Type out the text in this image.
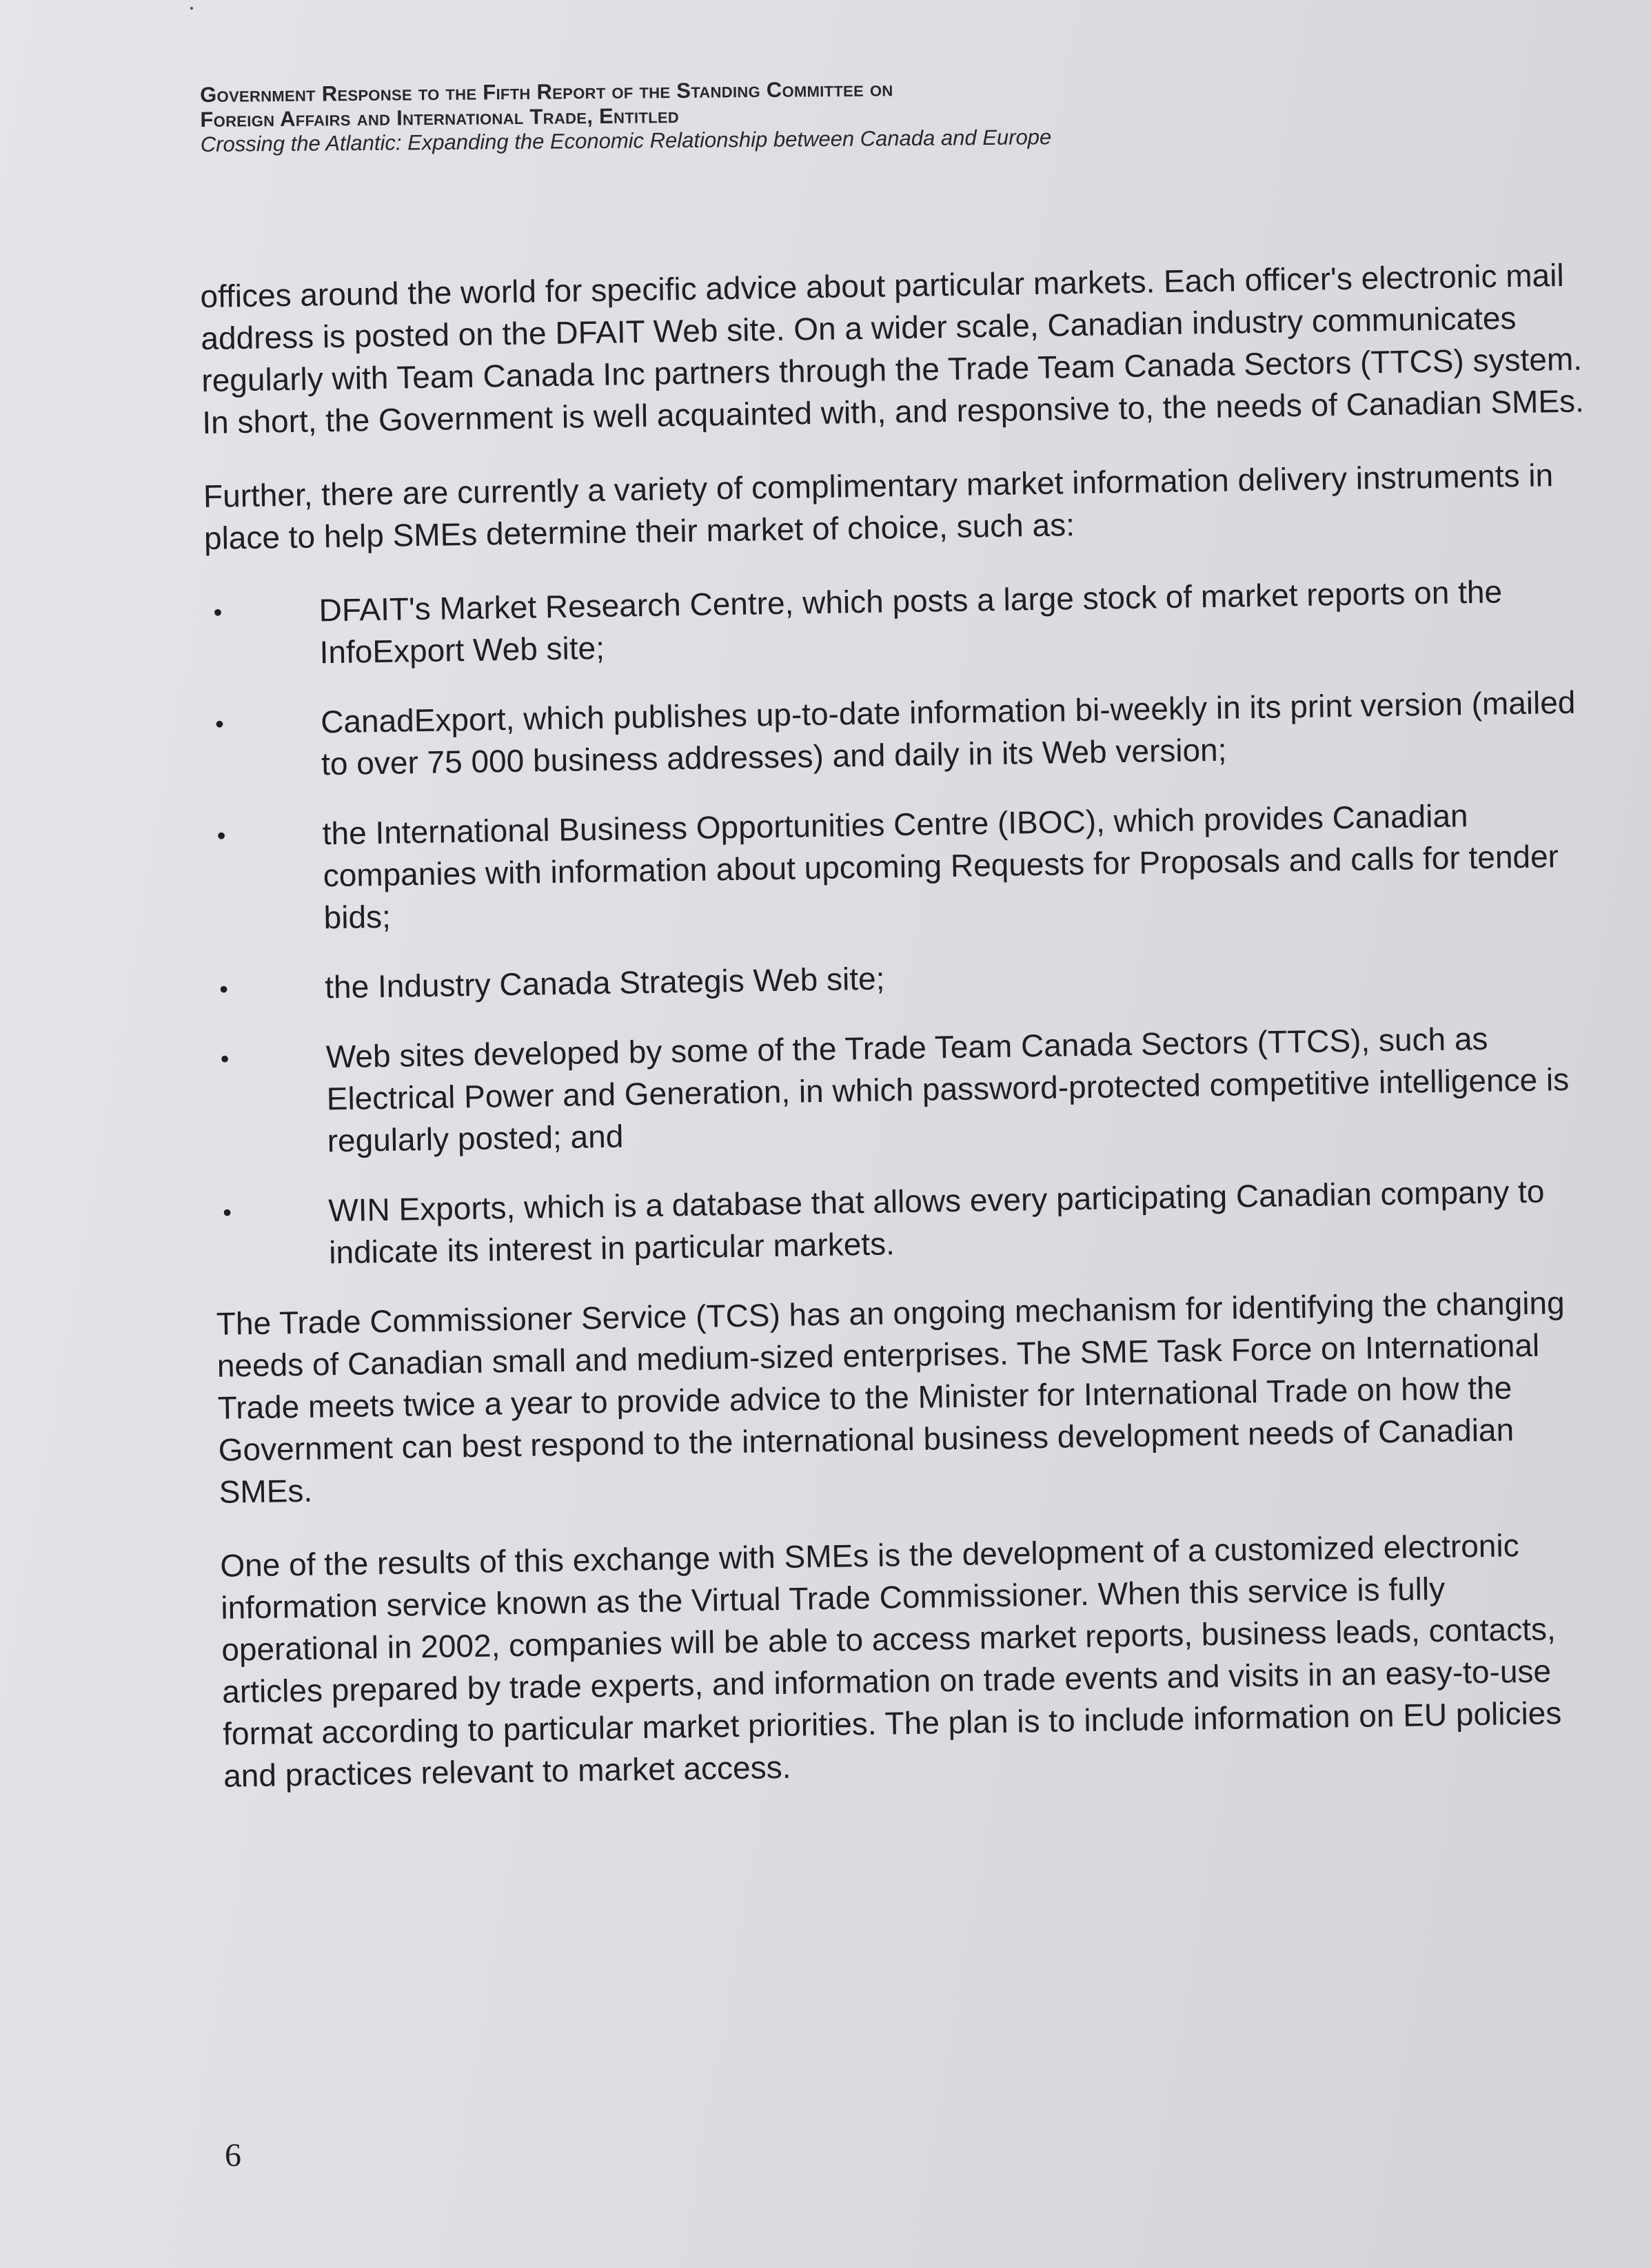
Government Response to the Fifth Report of the Standing Committee on
Foreign Affairs and International Trade, Entitled
Crossing the Atlantic: Expanding the Economic Relationship between Canada and Europe

offices around the world for specific advice about particular markets. Each officer's electronic mail address is posted on the DFAIT Web site. On a wider scale, Canadian industry communicates regularly with Team Canada Inc partners through the Trade Team Canada Sectors (TTCS) system. In short, the Government is well acquainted with, and responsive to, the needs of Canadian SMEs.

Further, there are currently a variety of complimentary market information delivery instruments in place to help SMEs determine their market of choice, such as:

•	DFAIT's Market Research Centre, which posts a large stock of market reports on the InfoExport Web site;
•	CanadExport, which publishes up-to-date information bi-weekly in its print version (mailed to over 75 000 business addresses) and daily in its Web version;
•	the International Business Opportunities Centre (IBOC), which provides Canadian companies with information about upcoming Requests for Proposals and calls for tender bids;
•	the Industry Canada Strategis Web site;
•	Web sites developed by some of the Trade Team Canada Sectors (TTCS), such as Electrical Power and Generation, in which password-protected competitive intelligence is regularly posted; and
•	WIN Exports, which is a database that allows every participating Canadian company to indicate its interest in particular markets.

The Trade Commissioner Service (TCS) has an ongoing mechanism for identifying the changing needs of Canadian small and medium-sized enterprises. The SME Task Force on International Trade meets twice a year to provide advice to the Minister for International Trade on how the Government can best respond to the international business development needs of Canadian SMEs.

One of the results of this exchange with SMEs is the development of a customized electronic information service known as the Virtual Trade Commissioner. When this service is fully operational in 2002, companies will be able to access market reports, business leads, contacts, articles prepared by trade experts, and information on trade events and visits in an easy-to-use format according to particular market priorities. The plan is to include information on EU policies and practices relevant to market access.

6
